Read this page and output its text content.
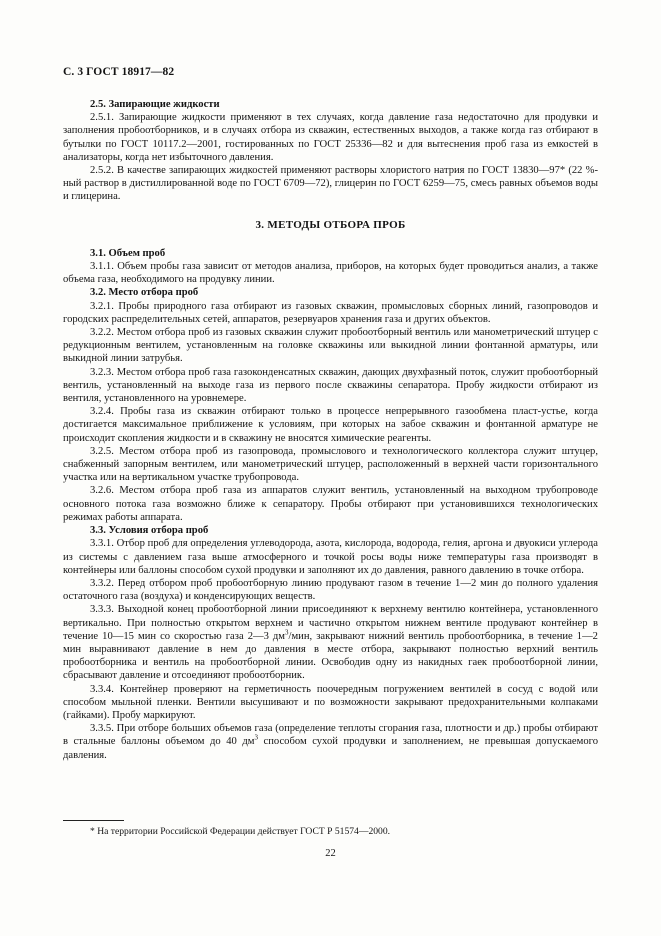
С. 3 ГОСТ 18917—82
2.5. Запирающие жидкости

2.5.1. Запирающие жидкости применяют в тех случаях, когда давление газа недостаточно для продувки и заполнения пробоотборников, и в случаях отбора из скважин, естественных выходов, а также когда газ отбирают в бутылки по ГОСТ 10117.2—2001, гостированных по ГОСТ 25336—82 и для вытеснения проб газа из емкостей в анализаторы, когда нет избыточного давления.

2.5.2. В качестве запирающих жидкостей применяют растворы хлористого натрия по ГОСТ 13830—97* (22 %-ный раствор в дистиллированной воде по ГОСТ 6709—72), глицерин по ГОСТ 6259—75, смесь равных объемов воды и глицерина.

3. МЕТОДЫ ОТБОРА ПРОБ
3.1. Объем проб

3.1.1. Объем пробы газа зависит от методов анализа, приборов, на которых будет проводиться анализ, а также объема газа, необходимого на продувку линии.

3.2. Место отбора проб

3.2.1. Пробы природного газа отбирают из газовых скважин, промысловых сборных линий, газопроводов и городских распределительных сетей, аппаратов, резервуаров хранения газа и других объектов.

3.2.2. Местом отбора проб из газовых скважин служит пробоотборный вентиль или манометрический штуцер с редукционным вентилем, установленным на головке скважины или выкидной линии фонтанной арматуры, или выкидной линии затрубья.

3.2.3. Местом отбора проб газа газоконденсатных скважин, дающих двухфазный поток, служит пробоотборный вентиль, установленный на выходе газа из первого после скважины сепаратора. Пробу жидкости отбирают из вентиля, установленного на уровнемере.

3.2.4. Пробы газа из скважин отбирают только в процессе непрерывного газообмена пласт-устье, когда достигается максимальное приближение к условиям, при которых на забое скважин и фонтанной арматуре не происходит скопления жидкости и в скважину не вносятся химические реагенты.

3.2.5. Местом отбора проб из газопровода, промыслового и технологического коллектора служит штуцер, снабженный запорным вентилем, или манометрический штуцер, расположенный в верхней части горизонтального участка или на вертикальном участке трубопровода.

3.2.6. Местом отбора проб газа из аппаратов служит вентиль, установленный на выходном трубопроводе основного потока газа возможно ближе к сепаратору. Пробы отбирают при установившихся технологических режимах работы аппарата.

3.3. Условия отбора проб

3.3.1. Отбор проб для определения углеводорода, азота, кислорода, водорода, гелия, аргона и двуокиси углерода из системы с давлением газа выше атмосферного и точкой росы воды ниже температуры газа производят в контейнеры или баллоны способом сухой продувки и заполняют их до давления, равного давлению в точке отбора.

3.3.2. Перед отбором проб пробоотборную линию продувают газом в течение 1—2 мин до полного удаления остаточного газа (воздуха) и конденсирующих веществ.

3.3.3. Выходной конец пробоотборной линии присоединяют к верхнему вентилю контейнера, установленного вертикально. При полностью открытом верхнем и частично открытом нижнем вентиле продувают контейнер в течение 10—15 мин со скоростью газа 2—3 $дм^3$/мин, закрывают нижний вентиль пробоотборника, в течение 1—2 мин выравнивают давление в нем до давления в месте отбора, закрывают полностью верхний вентиль пробоотборника и вентиль на пробоотборной линии. Освободив одну из накидных гаек пробоотборной линии, сбрасывают давление и отсоединяют пробоотборник.

3.3.4. Контейнер проверяют на герметичность поочередным погружением вентилей в сосуд с водой или способом мыльной пленки. Вентили высушивают и по возможности закрывают предохранительными колпаками (гайками). Пробу маркируют.

3.3.5. При отборе больших объемов газа (определение теплоты сгорания газа, плотности и др.) пробы отбирают в стальные баллоны объемом до 40 $дм^3$ способом сухой продувки и заполнением, не превышая допускаемого давления.

* На территории Российской Федерации действует ГОСТ Р 51574—2000.
22
